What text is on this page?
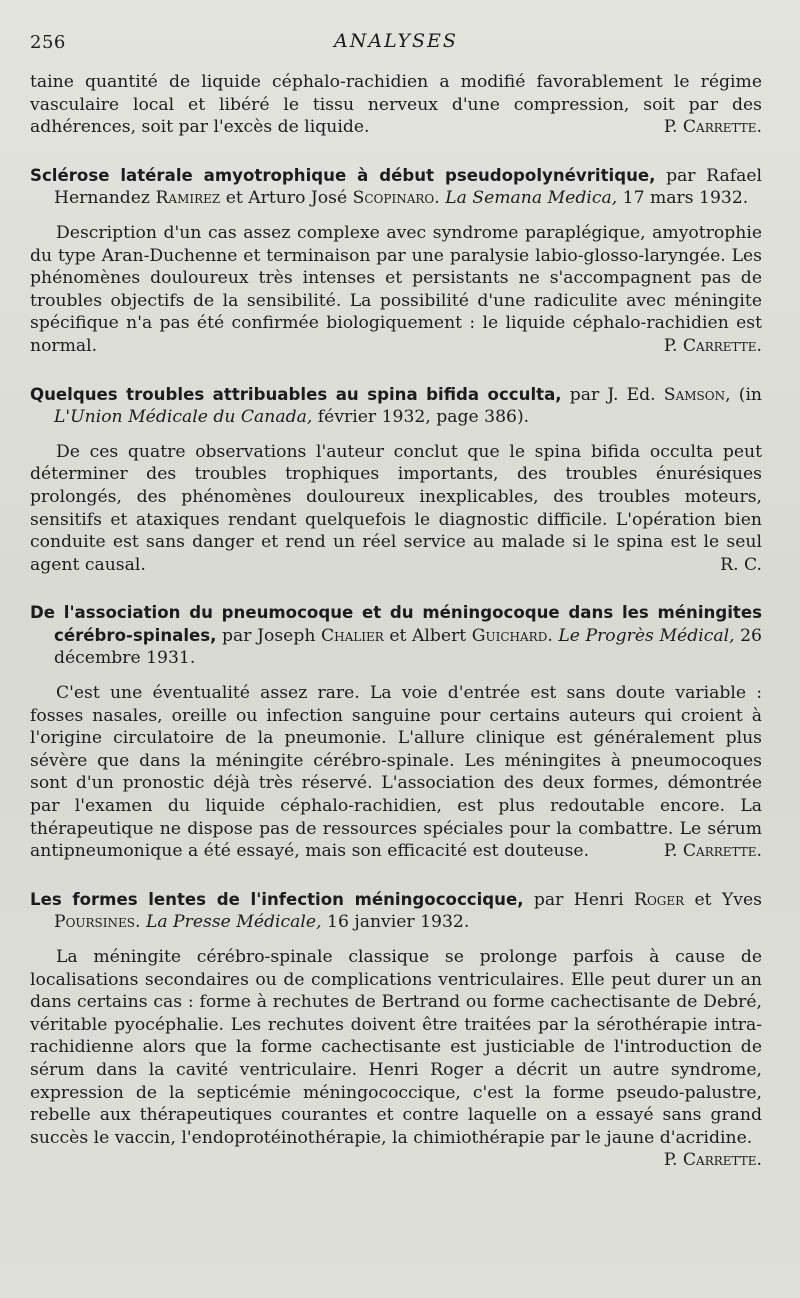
256	ANALYSES

taine quantité de liquide céphalo-rachidien a modifié favorablement le régime vasculaire local et libéré le tissu nerveux d'une compression, soit par des adhérences, soit par l'excès de liquide.	P. Carrette.

Sclérose latérale amyotrophique à début pseudopolynévritique, par Rafael Hernandez Ramirez et Arturo José Scopinaro. La Semana Medica, 17 mars 1932.

Description d'un cas assez complexe avec syndrome paraplégique, amyotrophie du type Aran-Duchenne et terminaison par une paralysie labio-glosso-laryngée. Les phénomènes douloureux très intenses et persistants ne s'accompagnent pas de troubles objectifs de la sensibilité. La possibilité d'une radiculite avec méningite spécifique n'a pas été confirmée biologiquement : le liquide céphalo-rachidien est normal.	P. Carrette.

Quelques troubles attribuables au spina bifida occulta, par J. Ed. Samson, (in L'Union Médicale du Canada, février 1932, page 386).

De ces quatre observations l'auteur conclut que le spina bifida occulta peut déterminer des troubles trophiques importants, des troubles énurésiques prolongés, des phénomènes douloureux inexplicables, des troubles moteurs, sensitifs et ataxiques rendant quelquefois le diagnostic difficile. L'opération bien conduite est sans danger et rend un réel service au malade si le spina est le seul agent causal.	R. C.

De l'association du pneumocoque et du méningocoque dans les méningites cérébro-spinales, par Joseph Chalier et Albert Guichard. Le Progrès Médical, 26 décembre 1931.

C'est une éventualité assez rare. La voie d'entrée est sans doute variable : fosses nasales, oreille ou infection sanguine pour certains auteurs qui croient à l'origine circulatoire de la pneumonie. L'allure clinique est généralement plus sévère que dans la méningite cérébro-spinale. Les méningites à pneumocoques sont d'un pronostic déjà très réservé. L'association des deux formes, démontrée par l'examen du liquide céphalo-rachidien, est plus redoutable encore. La thérapeutique ne dispose pas de ressources spéciales pour la combattre. Le sérum antipneumonique a été essayé, mais son efficacité est douteuse.	P. Carrette.

Les formes lentes de l'infection méningococcique, par Henri Roger et Yves Poursines. La Presse Médicale, 16 janvier 1932.

La méningite cérébro-spinale classique se prolonge parfois à cause de localisations secondaires ou de complications ventriculaires. Elle peut durer un an dans certains cas : forme à rechutes de Bertrand ou forme cachectisante de Debré, véritable pyocéphalie. Les rechutes doivent être traitées par la sérothérapie intra-rachidienne alors que la forme cachectisante est justiciable de l'introduction de sérum dans la cavité ventriculaire. Henri Roger a décrit un autre syndrome, expression de la septicémie méningococcique, c'est la forme pseudo-palustre, rebelle aux thérapeutiques courantes et contre laquelle on a essayé sans grand succès le vaccin, l'endoprotéinothérapie, la chimiothérapie par le jaune d'acridine.
P. Carrette.
